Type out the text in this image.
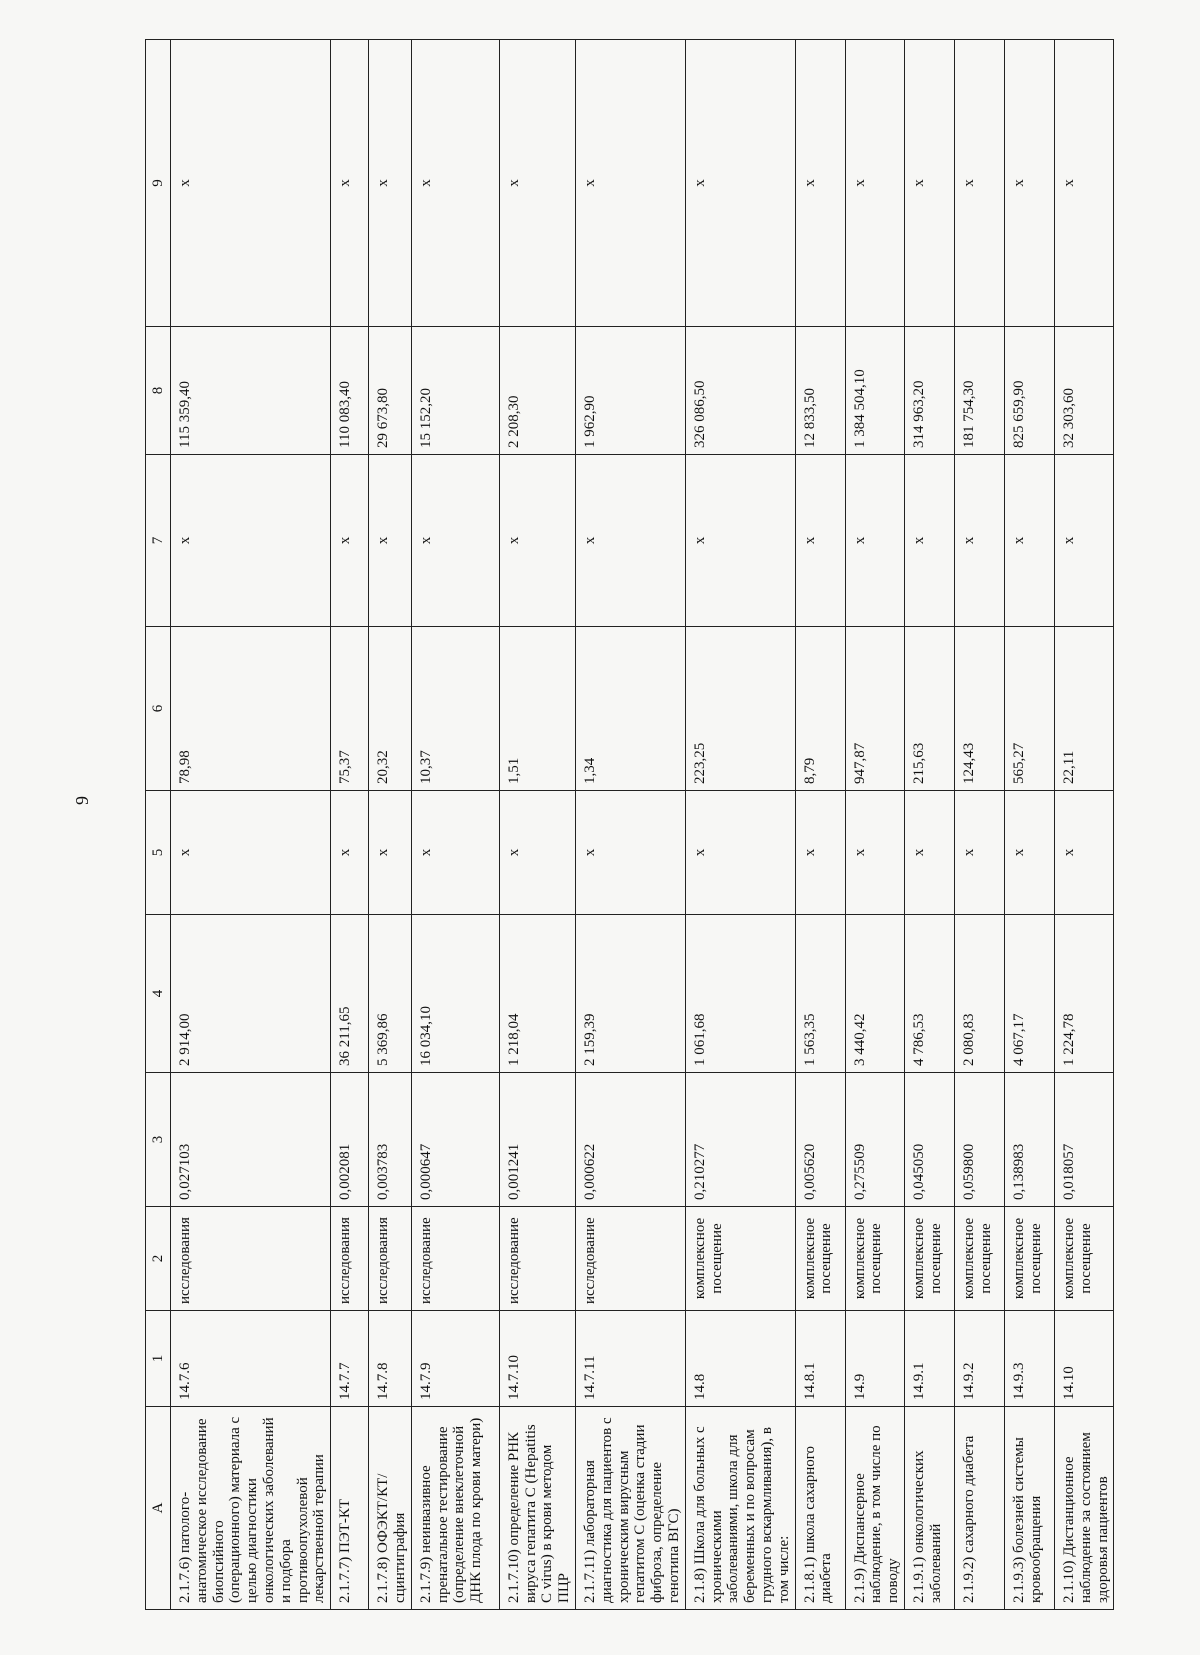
9
А	1	2	3	4	5	6	7	8	9
2.1.7.6) патолого-анатомическое исследование биопсийного (операционного) материала с целью диагностики онкологических заболеваний и подбора противоопухолевой лекарственной терапии	14.7.6	исследования	0,027103	2 914,00	х	78,98	х	115 359,40	х
2.1.7.7) ПЭТ-КТ	14.7.7	исследования	0,002081	36 211,65	х	75,37	х	110 083,40	х
2.1.7.8) ОФЭКТ/КТ/сцинтиграфия	14.7.8	исследования	0,003783	5 369,86	х	20,32	х	29 673,80	х
2.1.7.9) неинвазивное пренатальное тестирование (определение внеклеточной ДНК плода по крови матери)	14.7.9	исследование	0,000647	16 034,10	х	10,37	х	15 152,20	х
2.1.7.10) определение РНК вируса гепатита С (Hepatitis C virus) в крови методом ПЦР	14.7.10	исследование	0,001241	1 218,04	х	1,51	х	2 208,30	х
2.1.7.11) лабораторная диагностика для пациентов с хроническим вирусным гепатитом С (оценка стадии фиброза, определение генотипа ВГС)	14.7.11	исследование	0,000622	2 159,39	х	1,34	х	1 962,90	х
2.1.8) Школа для больных с хроническими заболеваниями, школа для беременных и по вопросам грудного вскармливания), в том числе:	14.8	комплексное посещение	0,210277	1 061,68	х	223,25	х	326 086,50	х
2.1.8.1) школа сахарного диабета	14.8.1	комплексное посещение	0,005620	1 563,35	х	8,79	х	12 833,50	х
2.1.9) Диспансерное наблюдение, в том числе по поводу	14.9	комплексное посещение	0,275509	3 440,42	х	947,87	х	1 384 504,10	х
2.1.9.1) онкологических заболеваний	14.9.1	комплексное посещение	0,045050	4 786,53	х	215,63	х	314 963,20	х
2.1.9.2) сахарного диабета	14.9.2	комплексное посещение	0,059800	2 080,83	х	124,43	х	181 754,30	х
2.1.9.3) болезней системы кровообращения	14.9.3	комплексное посещение	0,138983	4 067,17	х	565,27	х	825 659,90	х
2.1.10) Дистанционное наблюдение за состоянием здоровья пациентов	14.10	комплексное посещение	0,018057	1 224,78	х	22,11	х	32 303,60	х
